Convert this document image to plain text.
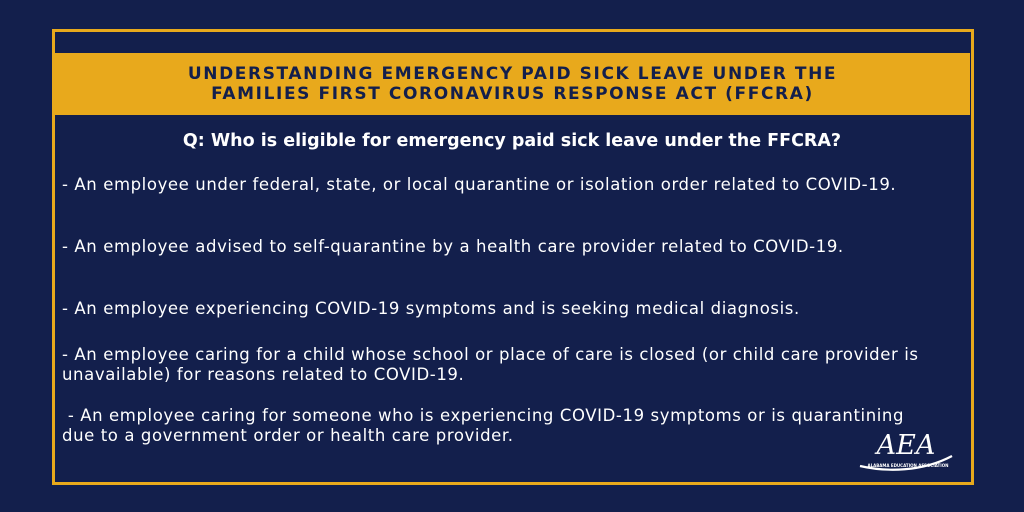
UNDERSTANDING EMERGENCY PAID SICK LEAVE UNDER THE
FAMILIES FIRST CORONAVIRUS RESPONSE ACT (FFCRA)
Q: Who is eligible for emergency paid sick leave under the FFCRA?
- An employee under federal, state, or local quarantine or isolation order related to COVID-19.
- An employee advised to self-quarantine by a health care provider related to COVID-19.
- An employee experiencing COVID-19 symptoms and is seeking medical diagnosis.
- An employee caring for a child whose school or place of care is closed (or child care provider is unavailable) for reasons related to COVID-19.
- An employee caring for someone who is experiencing COVID-19 symptoms or is quarantining due to a government order or health care provider.	AEA
ALABAMA EDUCATION ASSOCIATION
